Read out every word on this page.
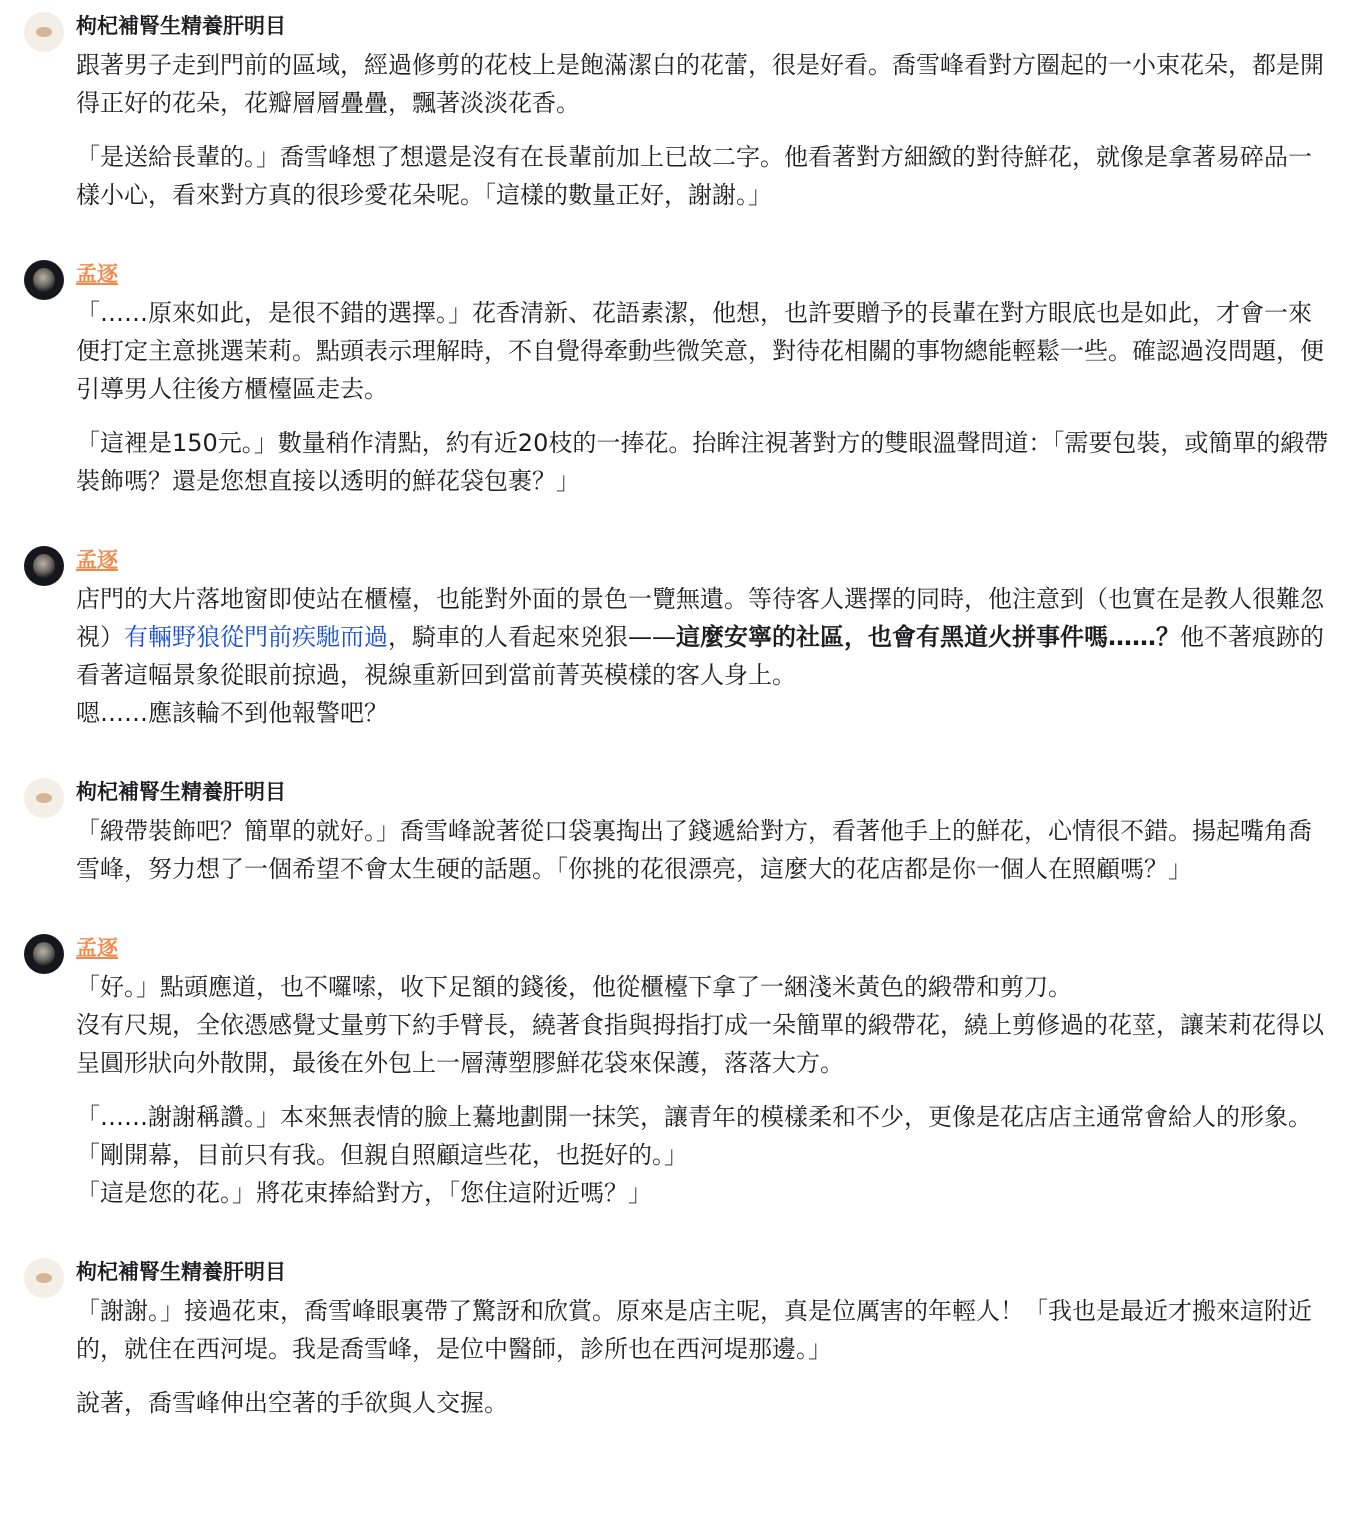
枸杞補腎生精養肝明目

跟著男子走到門前的區域，經過修剪的花枝上是飽滿潔白的花蕾，很是好看。喬雪峰看對方圈起的一小束花朵，都是開得正好的花朵，花瓣層層疊疊，飄著淡淡花香。

「是送給長輩的。」喬雪峰想了想還是沒有在長輩前加上已故二字。他看著對方細緻的對待鮮花，就像是拿著易碎品一樣小心，看來對方真的很珍愛花朵呢。「這樣的數量正好，謝謝。」

孟逐

「……原來如此，是很不錯的選擇。」花香清新、花語素潔，他想，也許要贈予的長輩在對方眼底也是如此，才會一來便打定主意挑選茉莉。點頭表示理解時，不自覺得牽動些微笑意，對待花相關的事物總能輕鬆一些。確認過沒問題，便引導男人往後方櫃檯區走去。

「這裡是150元。」數量稍作清點，約有近20枝的一捧花。抬眸注視著對方的雙眼溫聲問道：「需要包裝，或簡單的緞帶裝飾嗎？還是您想直接以透明的鮮花袋包裹？」

孟逐

店門的大片落地窗即使站在櫃檯，也能對外面的景色一覽無遺。等待客人選擇的同時，他注意到（也實在是教人很難忽視）有輛野狼從門前疾馳而過，騎車的人看起來兇狠——這麼安寧的社區，也會有黑道火拼事件嗎……？他不著痕跡的看著這幅景象從眼前掠過，視線重新回到當前菁英模樣的客人身上。

嗯……應該輪不到他報警吧？

枸杞補腎生精養肝明目

「緞帶裝飾吧？簡單的就好。」喬雪峰說著從口袋裏掏出了錢遞給對方，看著他手上的鮮花，心情很不錯。揚起嘴角喬雪峰，努力想了一個希望不會太生硬的話題。「你挑的花很漂亮，這麼大的花店都是你一個人在照顧嗎？」

孟逐

「好。」點頭應道，也不囉嗦，收下足額的錢後，他從櫃檯下拿了一綑淺米黃色的緞帶和剪刀。

沒有尺規，全依憑感覺丈量剪下約手臂長，繞著食指與拇指打成一朵簡單的緞帶花，繞上剪修過的花莖，讓茉莉花得以呈圓形狀向外散開，最後在外包上一層薄塑膠鮮花袋來保護，落落大方。

「……謝謝稱讚。」本來無表情的臉上驀地劃開一抹笑，讓青年的模樣柔和不少，更像是花店店主通常會給人的形象。「剛開幕，目前只有我。但親自照顧這些花，也挺好的。」

「這是您的花。」將花束捧給對方，「您住這附近嗎？」

枸杞補腎生精養肝明目

「謝謝。」接過花束，喬雪峰眼裏帶了驚訝和欣賞。原來是店主呢，真是位厲害的年輕人！「我也是最近才搬來這附近的，就住在西河堤。我是喬雪峰，是位中醫師，診所也在西河堤那邊。」

說著，喬雪峰伸出空著的手欲與人交握。
